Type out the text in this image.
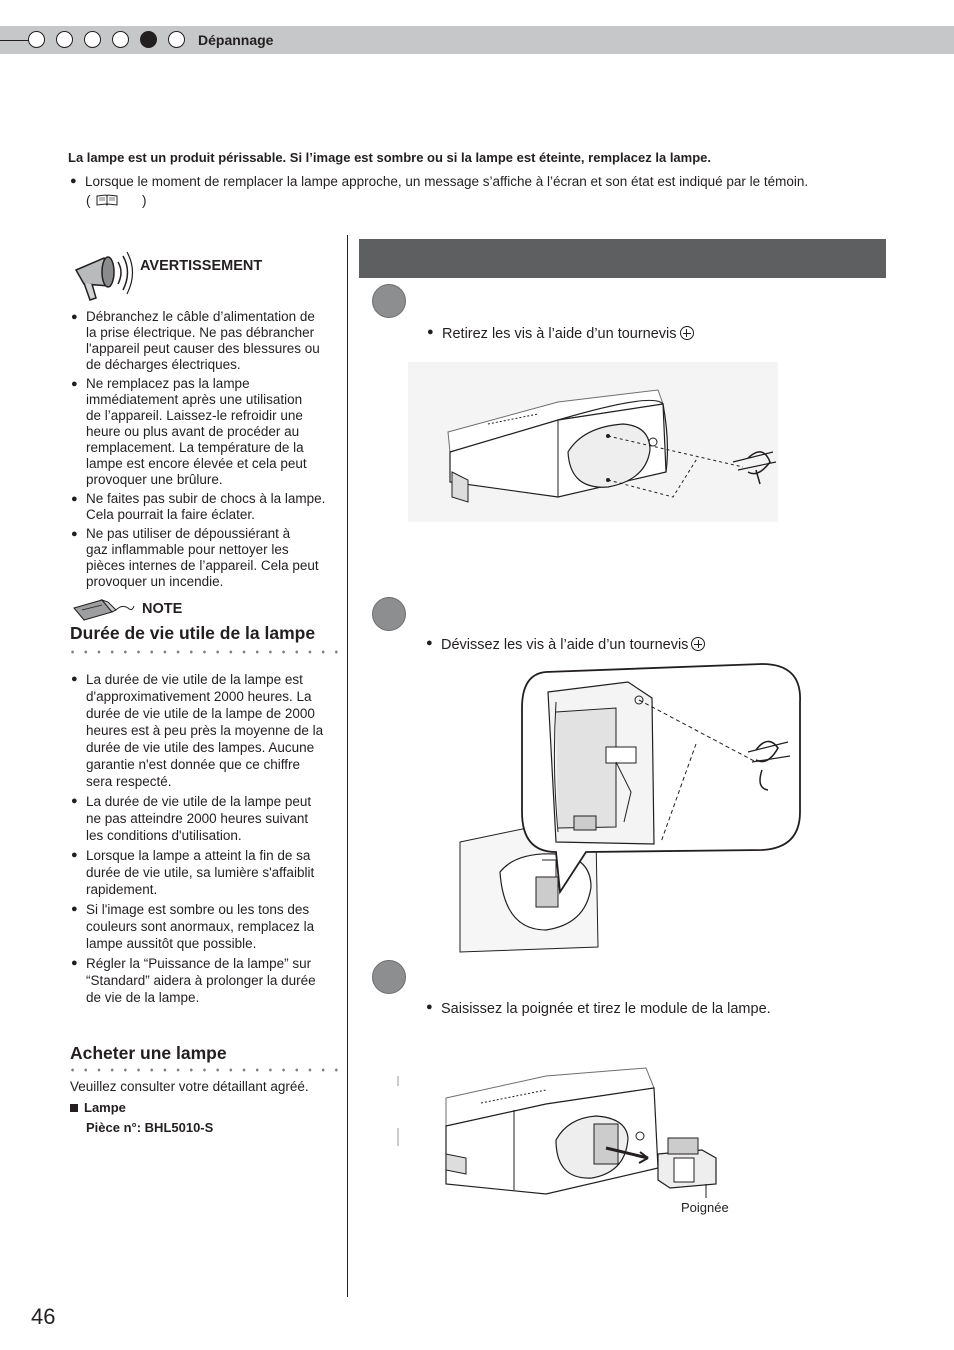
Dépannage
La lampe est un produit périssable. Si l’image est sombre ou si la lampe est éteinte, remplacez la lampe.
● Lorsque le moment de remplacer la lampe approche, un message s’affiche à l’écran et son état est indiqué par le témoin.
(	)
AVERTISSEMENT
● Débranchez le câble d’alimentation de
la prise électrique. Ne pas débrancher
l'appareil peut causer des blessures ou
de décharges électriques.
● Ne remplacez pas la lampe
immédiatement après une utilisation
de l’appareil. Laissez-le refroidir une
heure ou plus avant de procéder au
remplacement. La température de la
lampe est encore élevée et cela peut
provoquer une brûlure.
● Ne faites pas subir de chocs à la lampe.
Cela pourrait la faire éclater.
● Ne pas utiliser de dépoussiérant à
gaz inflammable pour nettoyer les
pièces internes de l’appareil. Cela peut
provoquer un incendie.
NOTE
Durée de vie utile de la lampe
● La durée de vie utile de la lampe est
d'approximativement 2000 heures. La
durée de vie utile de la lampe de 2000
heures est à peu près la moyenne de la
durée de vie utile des lampes. Aucune
garantie n'est donnée que ce chiffre
sera respecté.
● La durée de vie utile de la lampe peut
ne pas atteindre 2000 heures suivant
les conditions d'utilisation.
● Lorsque la lampe a atteint la fin de sa
durée de vie utile, sa lumière s'affaiblit
rapidement.
● Si l'image est sombre ou les tons des
couleurs sont anormaux, remplacez la
lampe aussitôt que possible.
● Régler la “Puissance de la lampe” sur
“Standard” aidera à prolonger la durée
de vie de la lampe.
Acheter une lampe
Veuillez consulter votre détaillant agréé.
Lampe
Pièce n°: BHL5010-S
● Retirez les vis à l’aide d’un tournevis
● Dévissez les vis à l’aide d’un tournevis
● Saisissez la poignée et tirez le module de la lampe.
Poignée
46
